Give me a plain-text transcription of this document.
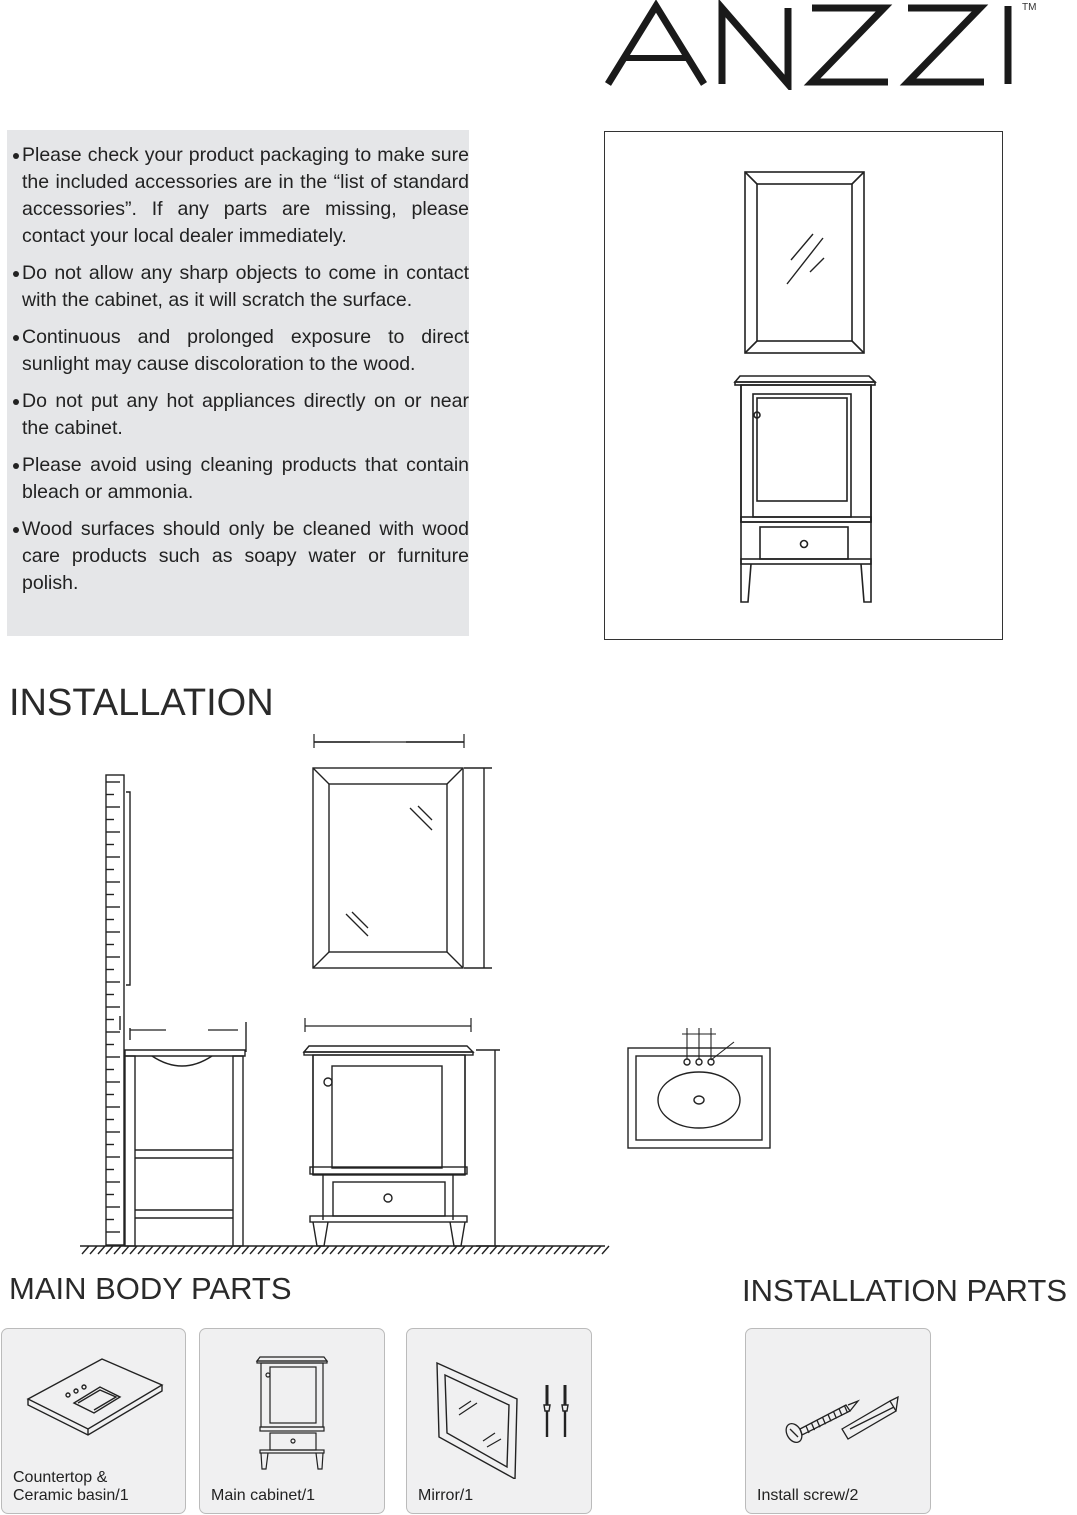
TM

Please check your product packaging to make sure the included accessories are in the “list of standard accessories”. If any parts are missing, please contact your local dealer immediately.

Do not allow any sharp objects to come in contact with the cabinet, as it will scratch the surface.

Continuous and prolonged exposure to direct sunlight may cause discoloration to the wood.

Do not put any hot appliances directly on or near the cabinet.

Please avoid using cleaning products that contain bleach or ammonia.

Wood surfaces should only be cleaned with wood care products such as soapy water or furniture polish.

INSTALLATION
MAIN BODY PARTS	INSTALLATION PARTS
Countertop &
Ceramic basin/1	Main cabinet/1	Mirror/1	Install screw/2
